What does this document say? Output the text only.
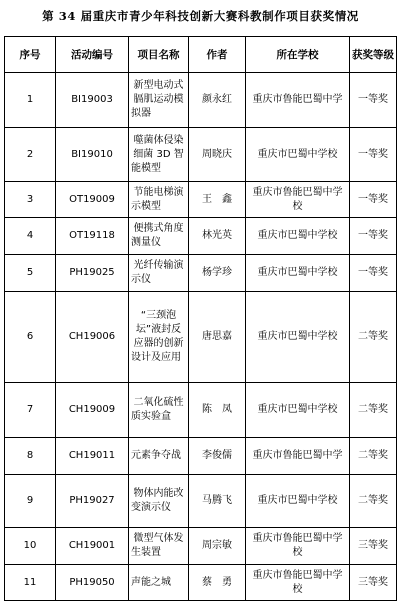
第 34 届重庆市青少年科技创新大赛科教制作项目获奖情况
序号	活动编号	项目名称	作者	所在学校	获奖等级
1	BI19003	新型电动式膈肌运动模拟器	颜永红	重庆市鲁能巴蜀中学	一等奖
2	BI19010	噬菌体侵染细菌 3D 智能模型	周晓庆	重庆市巴蜀中学校	一等奖
3	OT19009	节能电梯演示模型	王　鑫	重庆市鲁能巴蜀中学校	一等奖
4	OT19118	便携式角度测量仪	林光英	重庆市巴蜀中学校	一等奖
5	PH19025	光纤传输演示仪	杨学珍	重庆市巴蜀中学校	一等奖
6	CH19006	“三颈泡坛”液封反应器的创新设计及应用	唐思嘉	重庆市巴蜀中学校	二等奖
7	CH19009	二氧化硫性质实验盒	陈　凤	重庆市巴蜀中学校	二等奖
8	CH19011	元素争夺战	李俊儒	重庆市鲁能巴蜀中学	二等奖
9	PH19027	物体内能改变演示仪	马腾飞	重庆市巴蜀中学校	二等奖
10	CH19001	微型气体发生装置	周宗敏	重庆市鲁能巴蜀中学校	三等奖
11	PH19050	声能之城	蔡　勇	重庆市鲁能巴蜀中学校	三等奖
